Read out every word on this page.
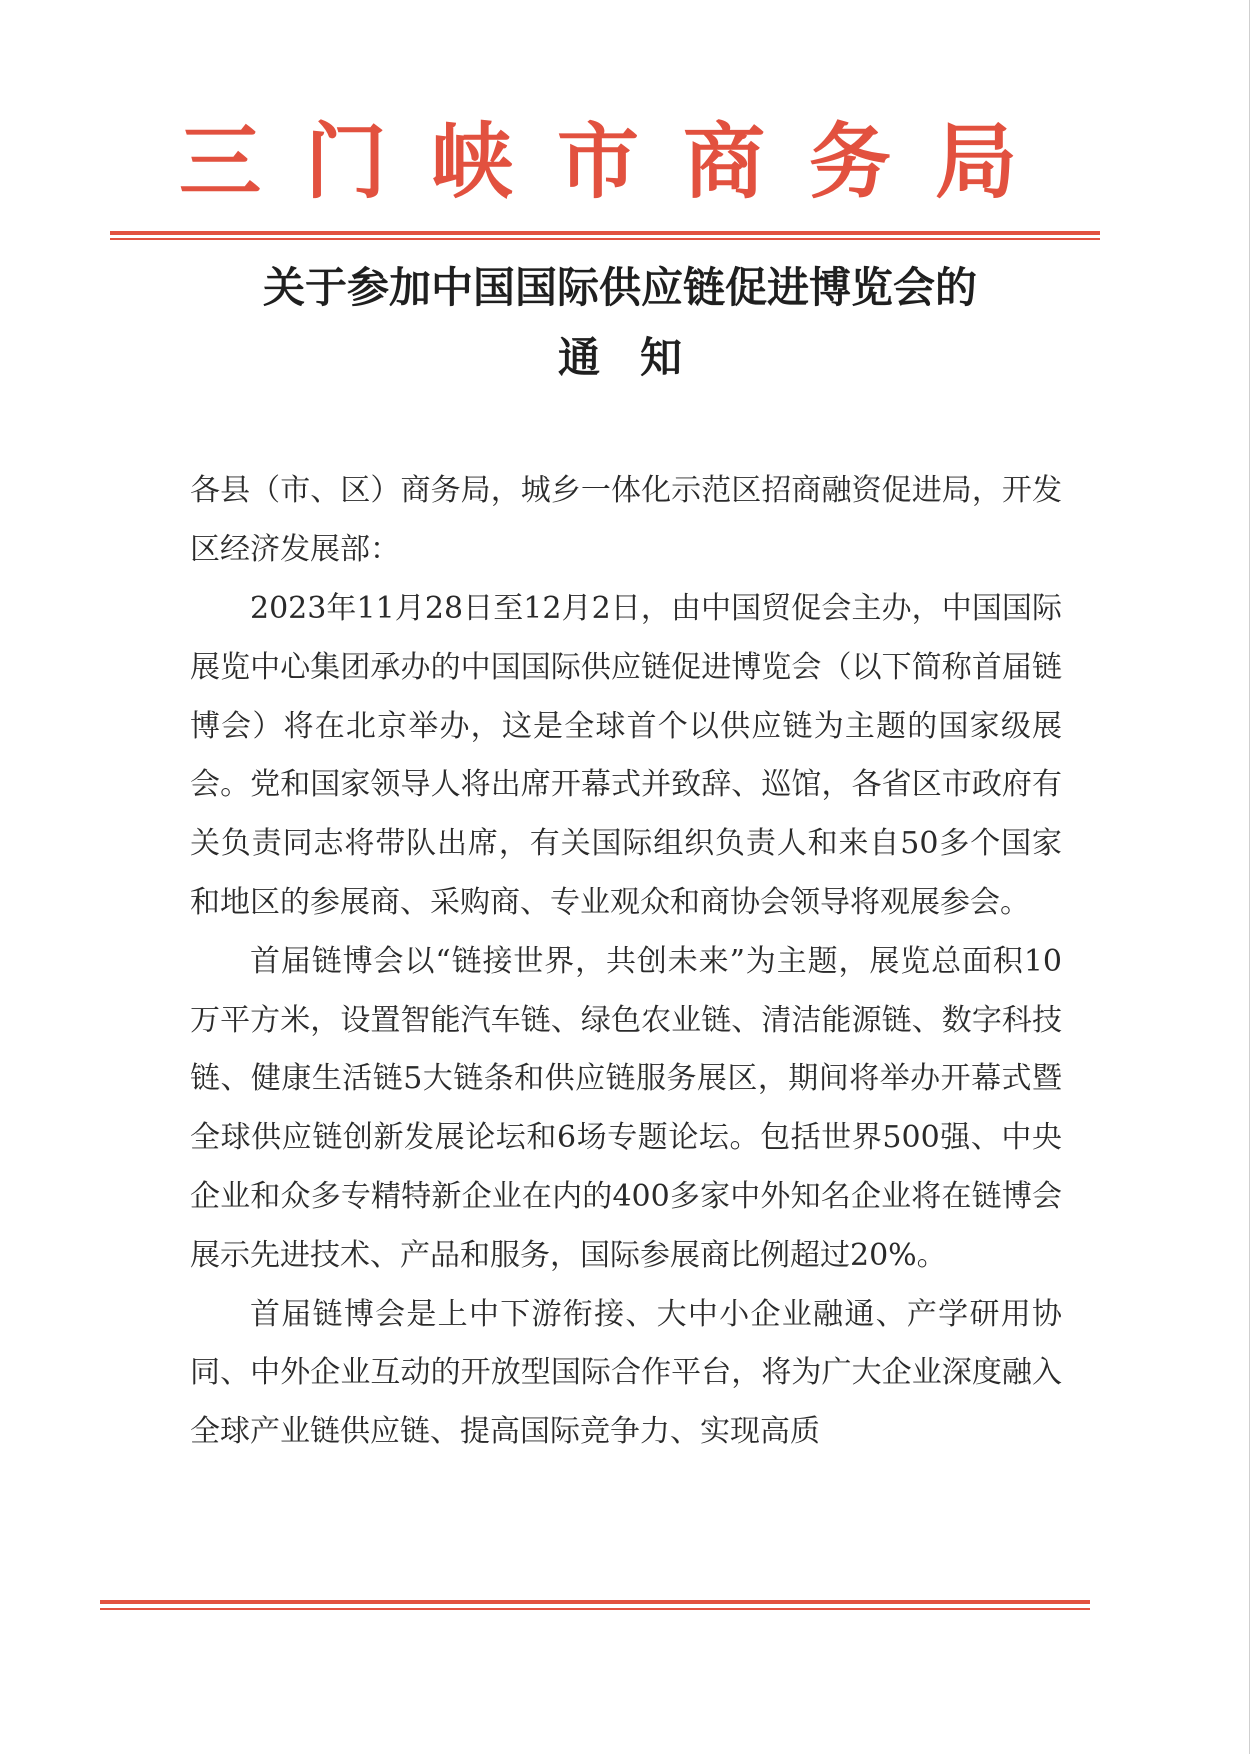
三门峡市商务局
关于参加中国国际供应链促进博览会的
通知

各县（市、区）商务局，城乡一体化示范区招商融资促进局，开发区经济发展部：

2023年11月28日至12月2日，由中国贸促会主办，中国国际展览中心集团承办的中国国际供应链促进博览会（以下简称首届链博会）将在北京举办，这是全球首个以供应链为主题的国家级展会。党和国家领导人将出席开幕式并致辞、巡馆，各省区市政府有关负责同志将带队出席，有关国际组织负责人和来自50多个国家和地区的参展商、采购商、专业观众和商协会领导将观展参会。

首届链博会以“链接世界，共创未来”为主题，展览总面积10万平方米，设置智能汽车链、绿色农业链、清洁能源链、数字科技链、健康生活链5大链条和供应链服务展区，期间将举办开幕式暨全球供应链创新发展论坛和6场专题论坛。包括世界500强、中央企业和众多专精特新企业在内的400多家中外知名企业将在链博会展示先进技术、产品和服务，国际参展商比例超过20%。

首届链博会是上中下游衔接、大中小企业融通、产学研用协同、中外企业互动的开放型国际合作平台，将为广大企业深度融入全球产业链供应链、提高国际竞争力、实现高质
